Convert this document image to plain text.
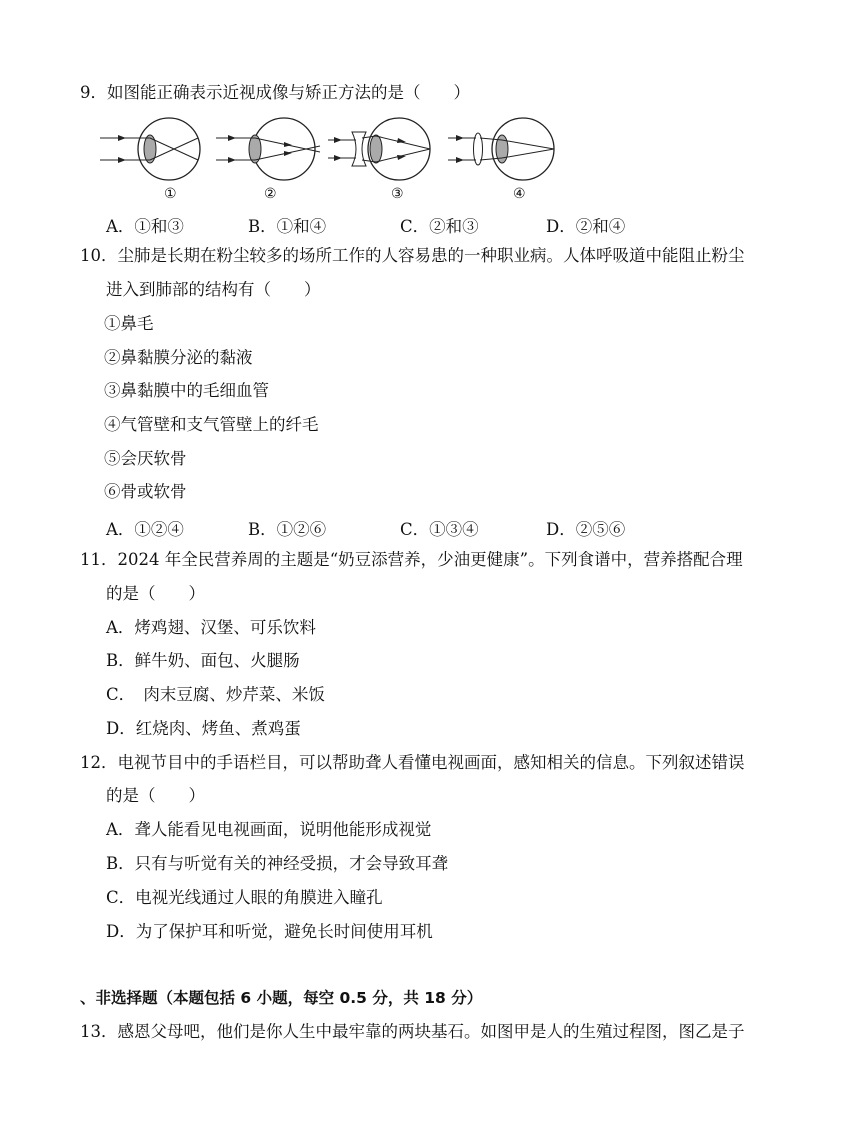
9．如图能正确表示近视成像与矫正方法的是（　　）
①	②	③	④
A．①和③	B．①和④	C．②和③	D．②和④
10．尘肺是长期在粉尘较多的场所工作的人容易患的一种职业病。人体呼吸道中能阻止粉尘
进入到肺部的结构有（　　）
①鼻毛
②鼻黏膜分泌的黏液
③鼻黏膜中的毛细血管
④气管壁和支气管壁上的纤毛
⑤会厌软骨
⑥骨或软骨
A．①②④	B．①②⑥	C．①③④	D．②⑤⑥
11．2024 年全民营养周的主题是“奶豆添营养，少油更健康”。下列食谱中，营养搭配合理
的是（　　）
A．烤鸡翅、汉堡、可乐饮料
B．鲜牛奶、面包、火腿肠
C．　肉末豆腐、炒芹菜、米饭
D．红烧肉、烤鱼、煮鸡蛋
12．电视节目中的手语栏目，可以帮助聋人看懂电视画面，感知相关的信息。下列叙述错误
的是（　　）
A．聋人能看见电视画面，说明他能形成视觉
B．只有与听觉有关的神经受损，才会导致耳聋
C．电视光线通过人眼的角膜进入瞳孔
D．为了保护耳和听觉，避免长时间使用耳机
、非选择题（本题包括 6 小题，每空 0.5 分，共 18 分）
13．感恩父母吧，他们是你人生中最牢靠的两块基石。如图甲是人的生殖过程图，图乙是子
